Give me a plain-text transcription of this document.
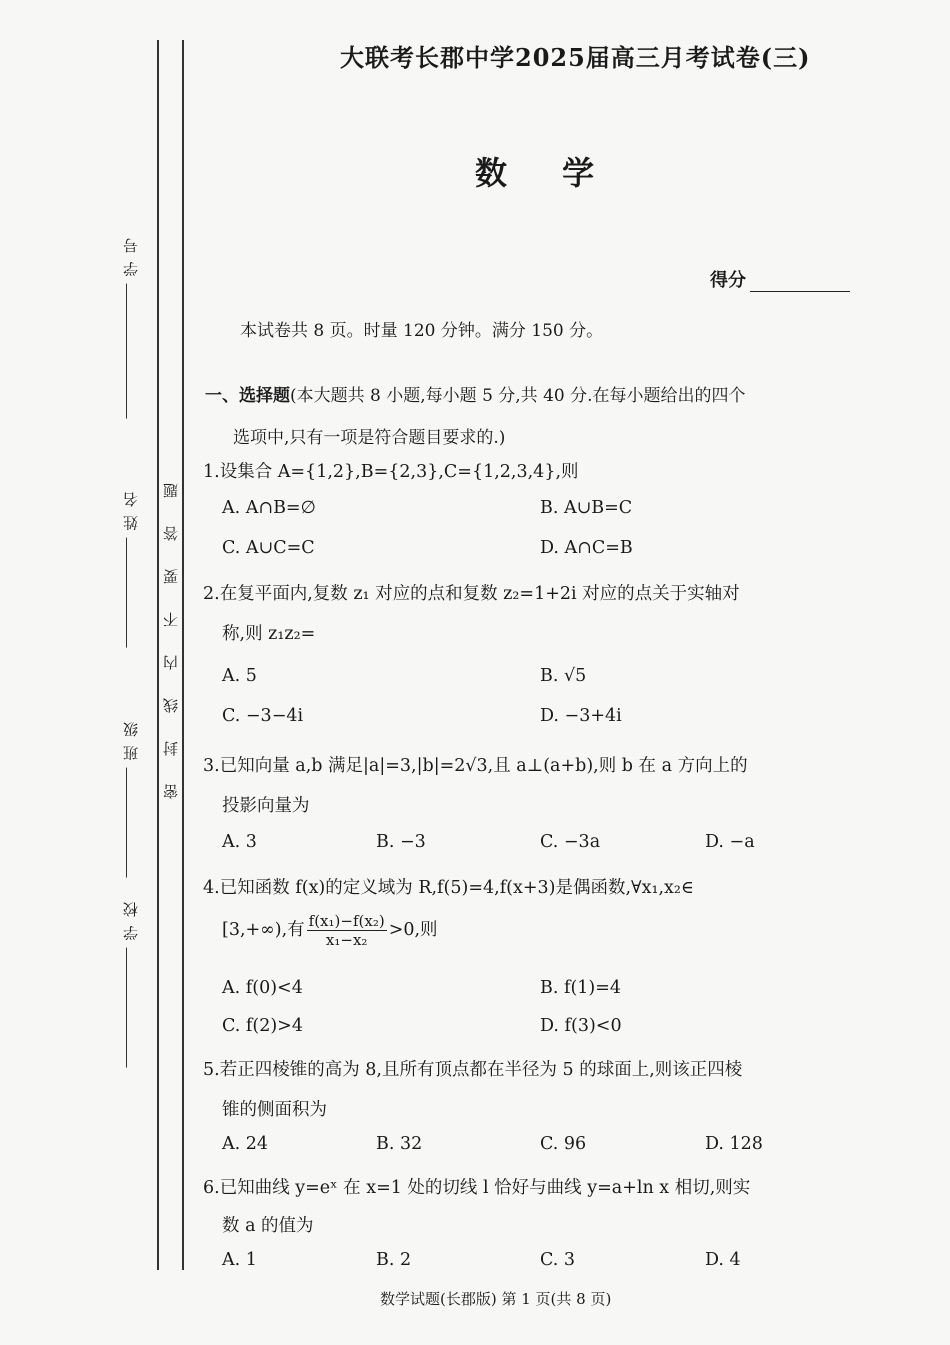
学 号
姓 名
班 级
学 校
密封线内不要答题
大联考长郡中学2025届高三月考试卷(三)
数 学
得分
本试卷共 8 页。时量 120 分钟。满分 150 分。
一、选择题(本大题共 8 小题,每小题 5 分,共 40 分.在每小题给出的四个
选项中,只有一项是符合题目要求的.)
1.设集合 A={1,2},B={2,3},C={1,2,3,4},则
A. A∩B=∅	B. A∪B=C
C. A∪C=C	D. A∩C=B
2.在复平面内,复数 z₁ 对应的点和复数 z₂=1+2i 对应的点关于实轴对
称,则 z₁z₂=
A. 5	B. √5
C. −3−4i	D. −3+4i
3.已知向量 a,b 满足|a|=3,|b|=2√3,且 a⊥(a+b),则 b 在 a 方向上的
投影向量为
A. 3	B. −3	C. −3a	D. −a
4.已知函数 f(x)的定义域为 R,f(5)=4,f(x+3)是偶函数,∀x₁,x₂∈
[3,+∞),有 $\frac{\text{f(x₁)−f(x₂)}}{\text{x₁−x₂}} >0$,则
A. f(0)<4	B. f(1)=4
C. f(2)>4	D. f(3)<0
5.若正四棱锥的高为 8,且所有顶点都在半径为 5 的球面上,则该正四棱
锥的侧面积为
A. 24	B. 32	C. 96	D. 128
6.已知曲线 y=eˣ 在 x=1 处的切线 l 恰好与曲线 y=a+ln x 相切,则实
数 a 的值为
A. 1	B. 2	C. 3	D. 4
数学试题(长郡版) 第 1 页(共 8 页)
